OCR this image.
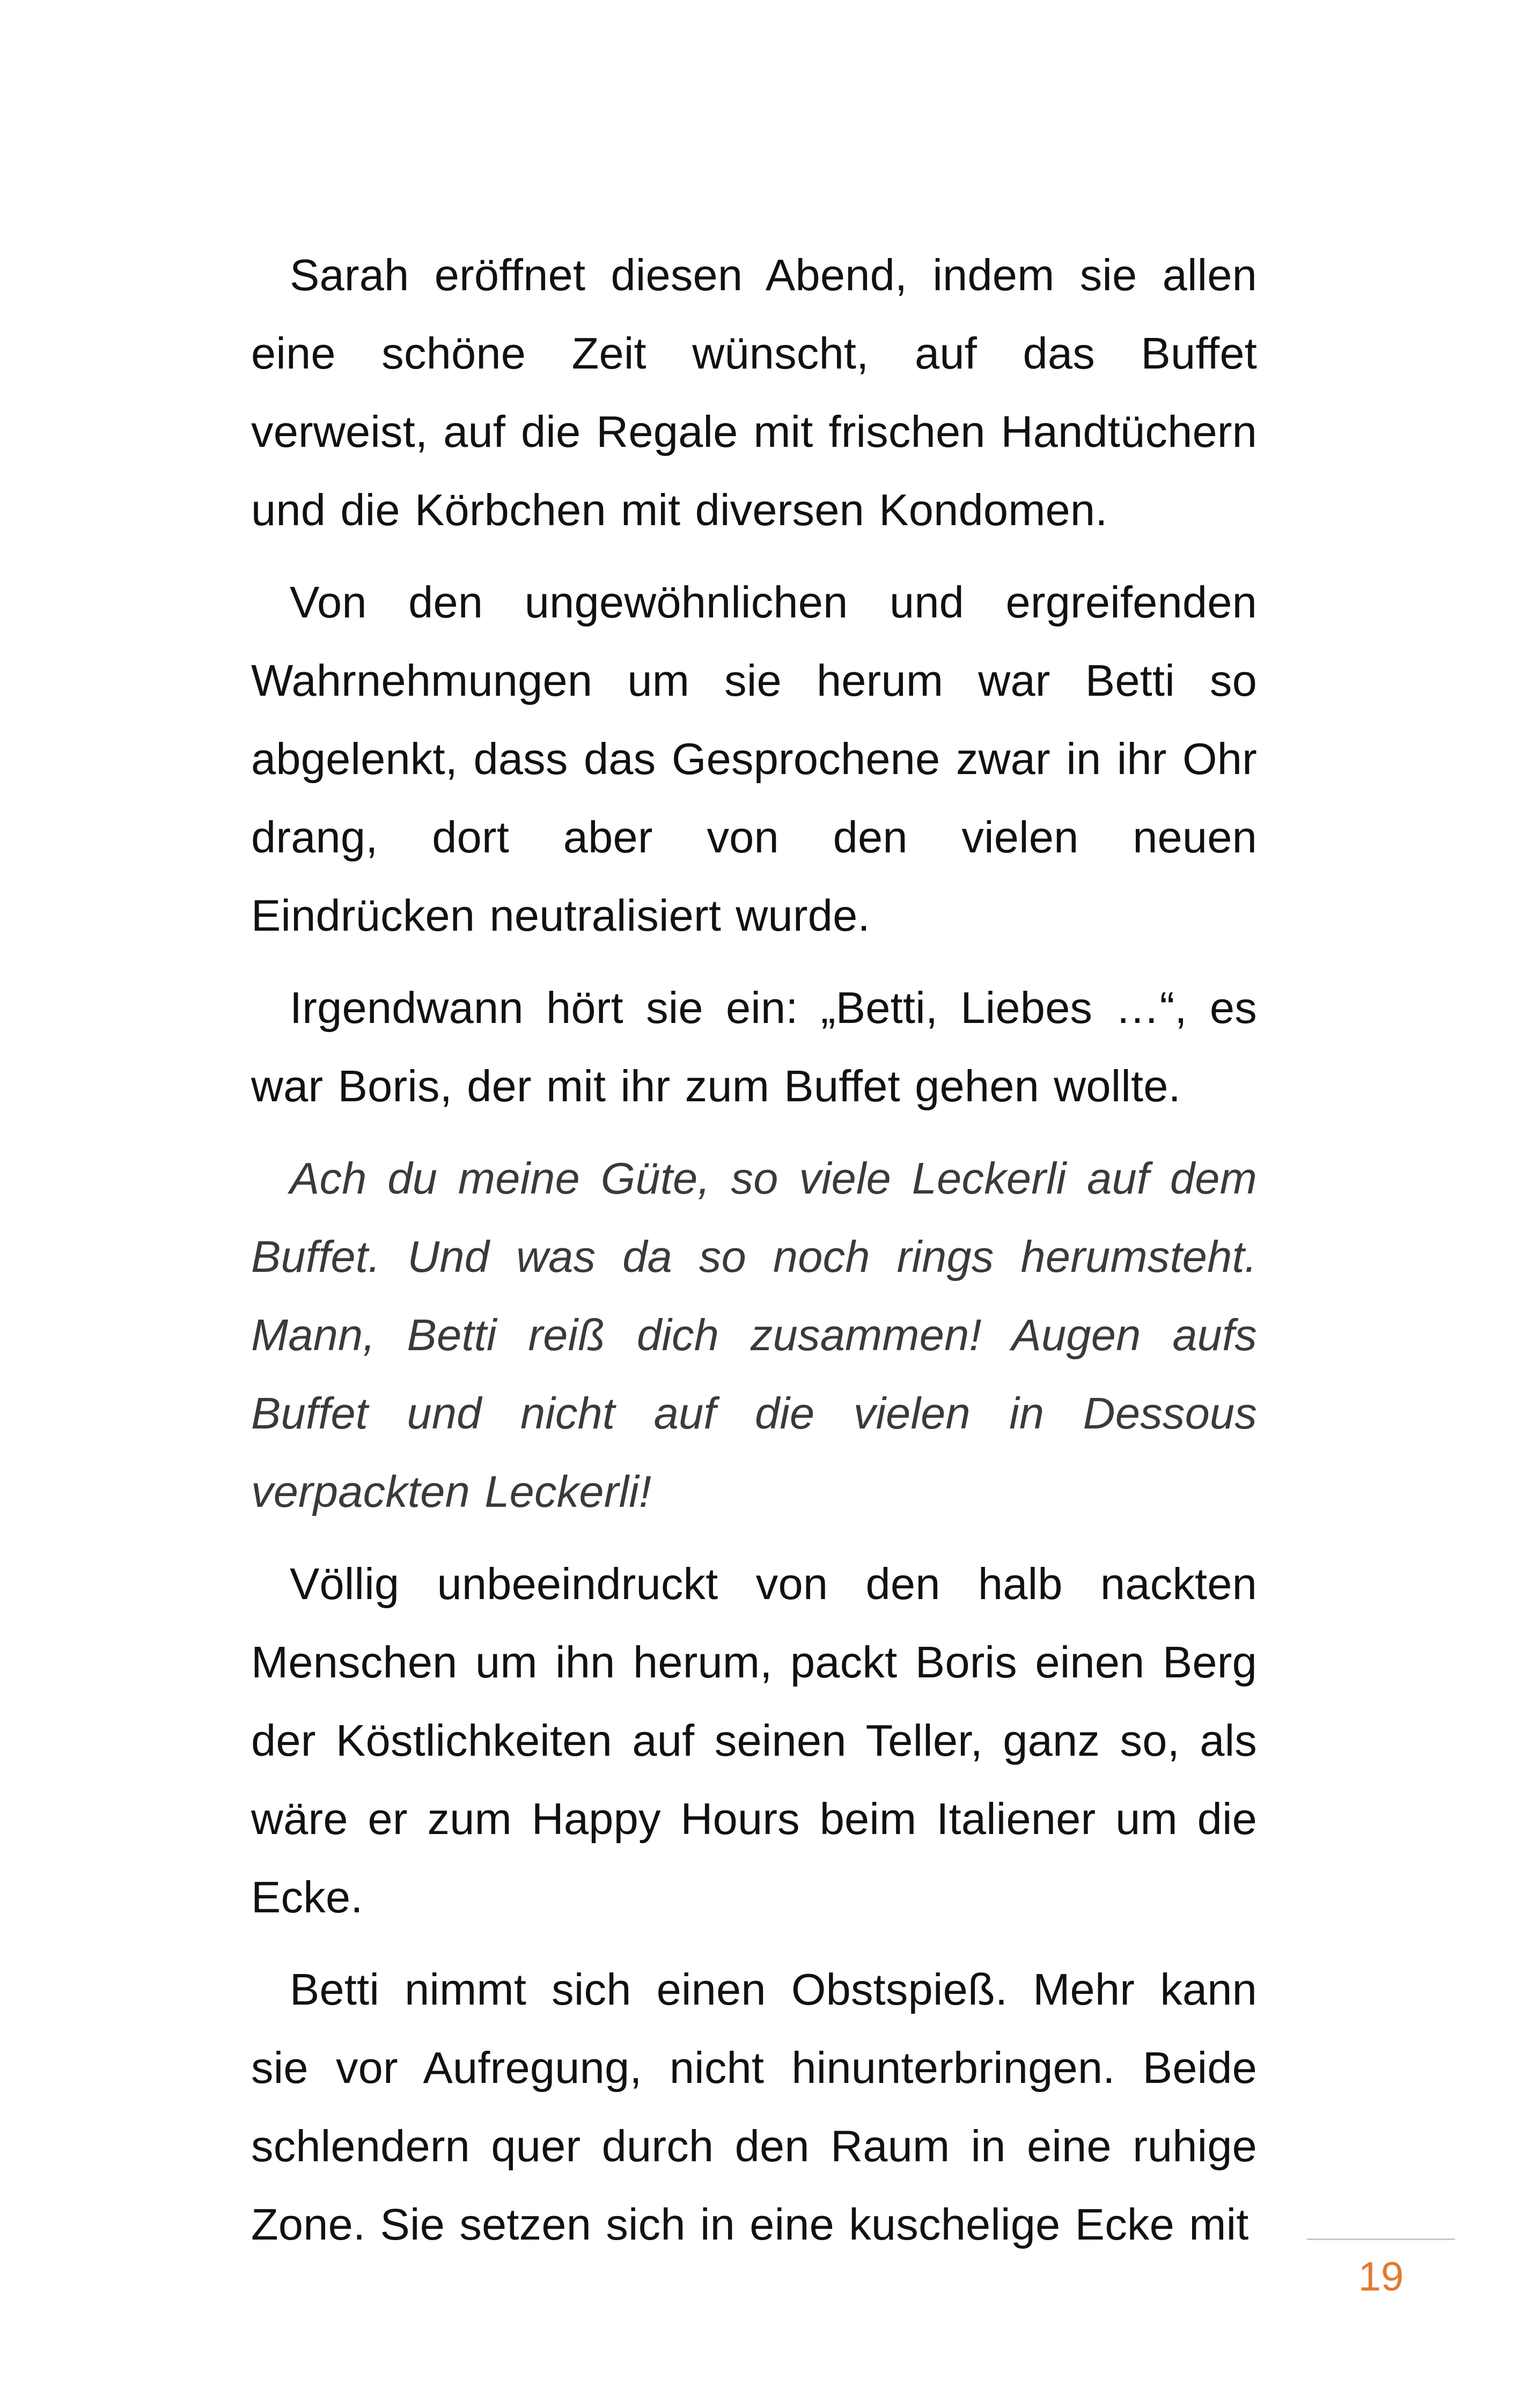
Sarah eröffnet diesen Abend, indem sie allen eine schöne Zeit wünscht, auf das Buffet verweist, auf die Regale mit frischen Handtüchern und die Körbchen mit diversen Kondomen.

Von den ungewöhnlichen und ergreifenden Wahrnehmungen um sie herum war Betti so abgelenkt, dass das Gesprochene zwar in ihr Ohr drang, dort aber von den vielen neuen Eindrücken neutralisiert wurde.

Irgendwann hört sie ein: „Betti, Liebes …“, es war Boris, der mit ihr zum Buffet gehen wollte.

Ach du meine Güte, so viele Leckerli auf dem Buffet. Und was da so noch rings herumsteht. Mann, Betti reiß dich zusammen! Augen aufs Buffet und nicht auf die vielen in Dessous verpackten Leckerli!

Völlig unbeeindruckt von den halb nackten Menschen um ihn herum, packt Boris einen Berg der Köstlichkeiten auf seinen Teller, ganz so, als wäre er zum Happy Hours beim Italiener um die Ecke.

Betti nimmt sich einen Obstspieß. Mehr kann sie vor Aufregung, nicht hinunterbringen. Beide schlendern quer durch den Raum in eine ruhige Zone. Sie setzen sich in eine kuschelige Ecke mit

19
